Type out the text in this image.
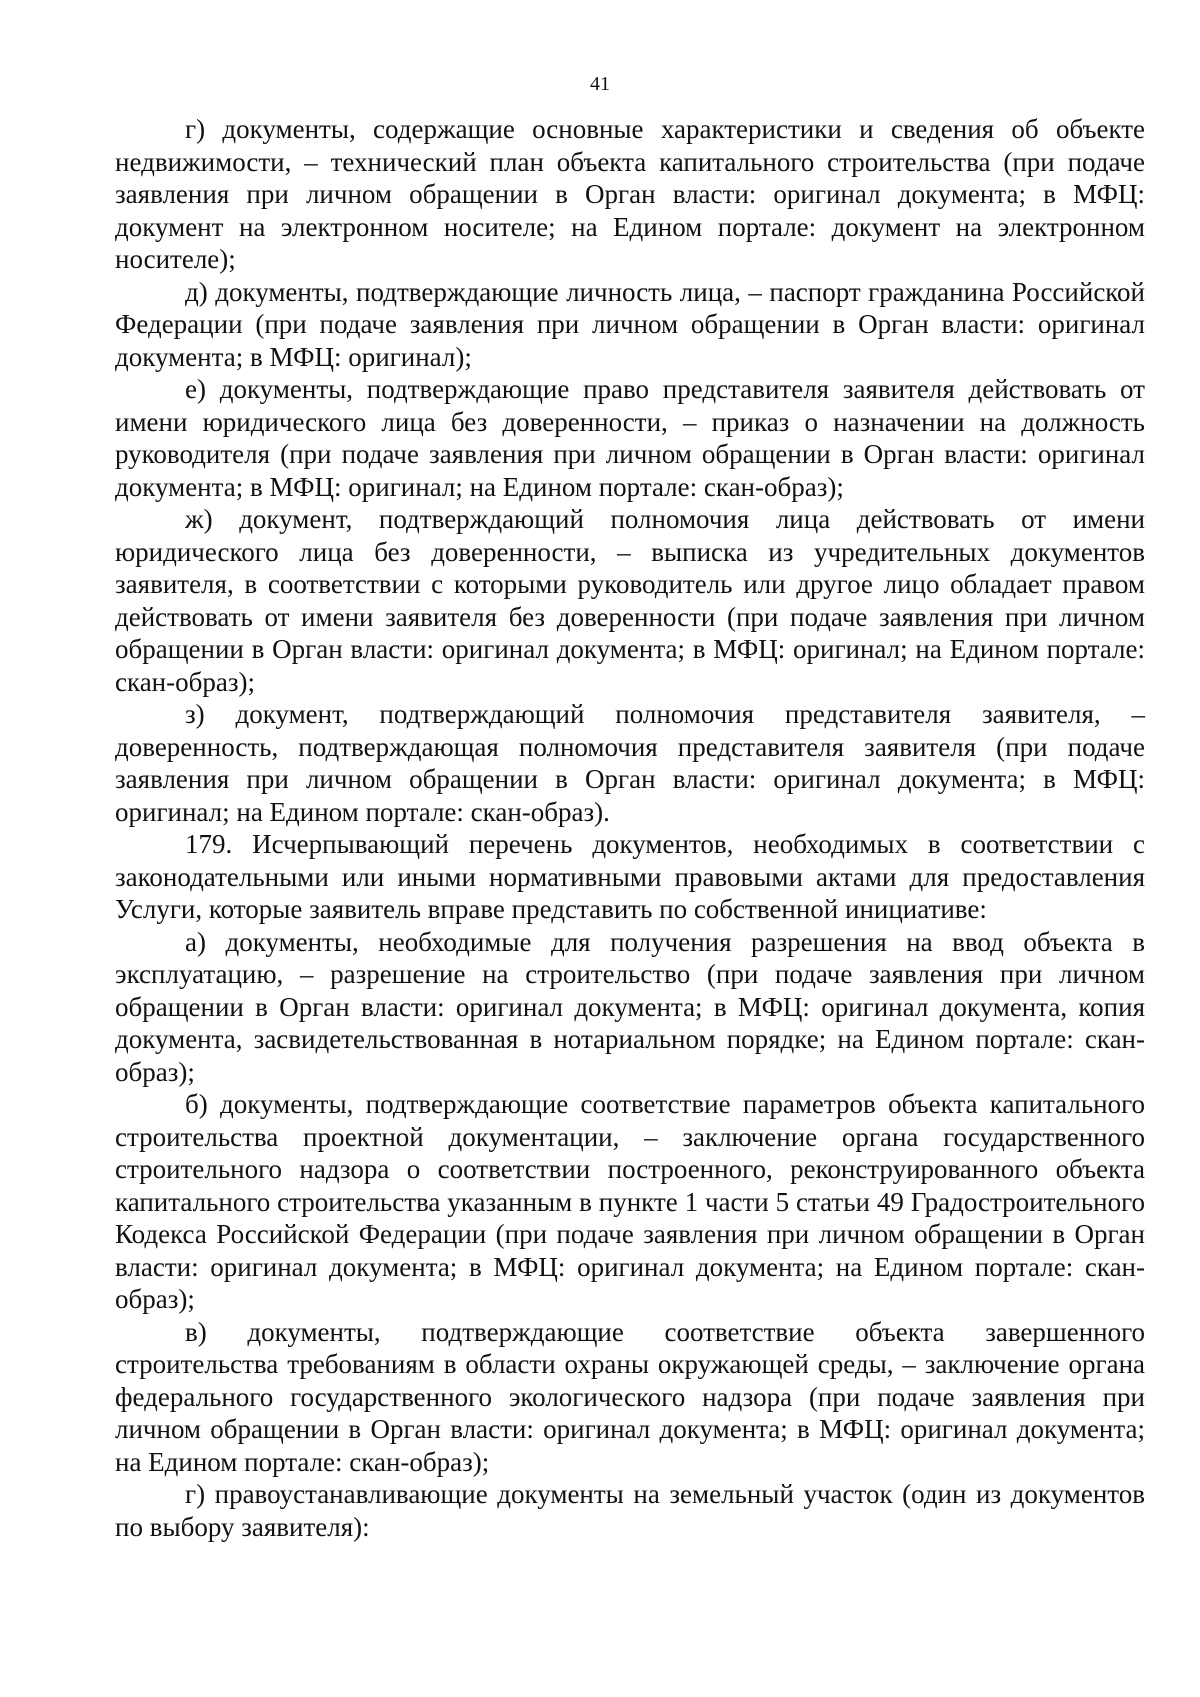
41

г) документы, содержащие основные характеристики и сведения об объекте недвижимости, – технический план объекта капитального строительства (при подаче заявления при личном обращении в Орган власти: оригинал документа; в МФЦ: документ на электронном носителе; на Едином портале: документ на электронном носителе);

д) документы, подтверждающие личность лица, – паспорт гражданина Российской Федерации (при подаче заявления при личном обращении в Орган власти: оригинал документа; в МФЦ: оригинал);

е) документы, подтверждающие право представителя заявителя действовать от имени юридического лица без доверенности, – приказ о назначении на должность руководителя (при подаче заявления при личном обращении в Орган власти: оригинал документа; в МФЦ: оригинал; на Едином портале: скан-образ);

ж) документ, подтверждающий полномочия лица действовать от имени юридического лица без доверенности, – выписка из учредительных документов заявителя, в соответствии с которыми руководитель или другое лицо обладает правом действовать от имени заявителя без доверенности (при подаче заявления при личном обращении в Орган власти: оригинал документа; в МФЦ: оригинал; на Едином портале: скан-образ);

з) документ, подтверждающий полномочия представителя заявителя, – доверенность, подтверждающая полномочия представителя заявителя (при подаче заявления при личном обращении в Орган власти: оригинал документа; в МФЦ: оригинал; на Едином портале: скан-образ).

179. Исчерпывающий перечень документов, необходимых в соответствии с законодательными или иными нормативными правовыми актами для предоставления Услуги, которые заявитель вправе представить по собственной инициативе:

а) документы, необходимые для получения разрешения на ввод объекта в эксплуатацию, – разрешение на строительство (при подаче заявления при личном обращении в Орган власти: оригинал документа; в МФЦ: оригинал документа, копия документа, засвидетельствованная в нотариальном порядке; на Едином портале: скан-образ);

б) документы, подтверждающие соответствие параметров объекта капитального строительства проектной документации, – заключение органа государственного строительного надзора о соответствии построенного, реконструированного объекта капитального строительства указанным в пункте 1 части 5 статьи 49 Градостроительного Кодекса Российской Федерации (при подаче заявления при личном обращении в Орган власти: оригинал документа; в МФЦ: оригинал документа; на Едином портале: скан-образ);

в) документы, подтверждающие соответствие объекта завершенного строительства требованиям в области охраны окружающей среды, – заключение органа федерального государственного экологического надзора (при подаче заявления при личном обращении в Орган власти: оригинал документа; в МФЦ: оригинал документа; на Едином портале: скан-образ);

г) правоустанавливающие документы на земельный участок (один из документов по выбору заявителя):
